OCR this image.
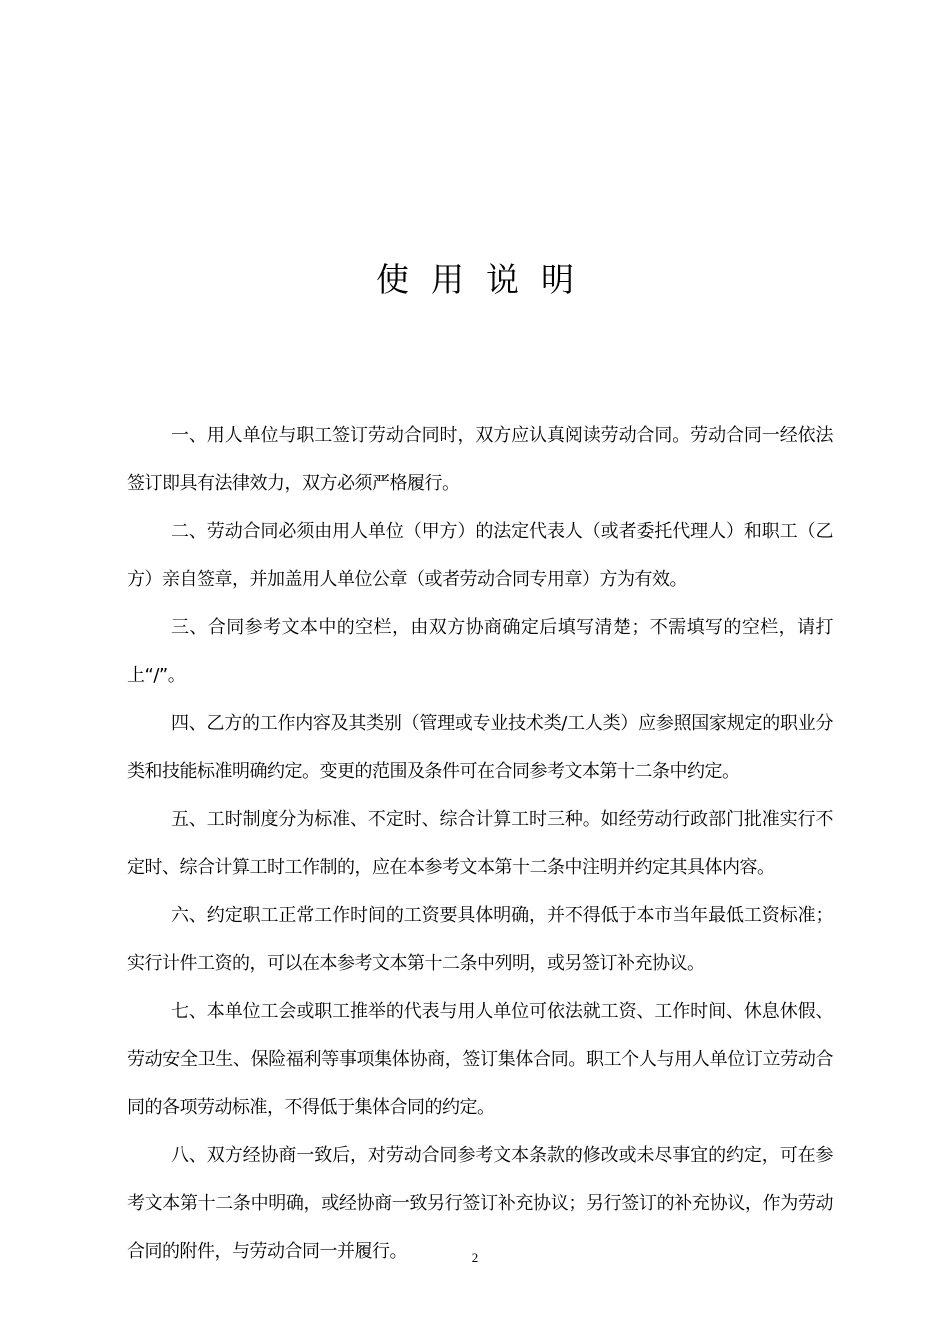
使用说明

一、用人单位与职工签订劳动合同时，双方应认真阅读劳动合同。劳动合同一经依法签订即具有法律效力，双方必须严格履行。

二、劳动合同必须由用人单位（甲方）的法定代表人（或者委托代理人）和职工（乙方）亲自签章，并加盖用人单位公章（或者劳动合同专用章）方为有效。

三、合同参考文本中的空栏，由双方协商确定后填写清楚；不需填写的空栏，请打上“/”。

四、乙方的工作内容及其类别（管理或专业技术类/工人类）应参照国家规定的职业分类和技能标准明确约定。变更的范围及条件可在合同参考文本第十二条中约定。

五、工时制度分为标准、不定时、综合计算工时三种。如经劳动行政部门批准实行不定时、综合计算工时工作制的，应在本参考文本第十二条中注明并约定其具体内容。

六、约定职工正常工作时间的工资要具体明确，并不得低于本市当年最低工资标准；实行计件工资的，可以在本参考文本第十二条中列明，或另签订补充协议。

七、本单位工会或职工推举的代表与用人单位可依法就工资、工作时间、休息休假、劳动安全卫生、保险福利等事项集体协商，签订集体合同。职工个人与用人单位订立劳动合同的各项劳动标准，不得低于集体合同的约定。

八、双方经协商一致后，对劳动合同参考文本条款的修改或未尽事宜的约定，可在参考文本第十二条中明确，或经协商一致另行签订补充协议；另行签订的补充协议，作为劳动合同的附件，与劳动合同一并履行。	2
